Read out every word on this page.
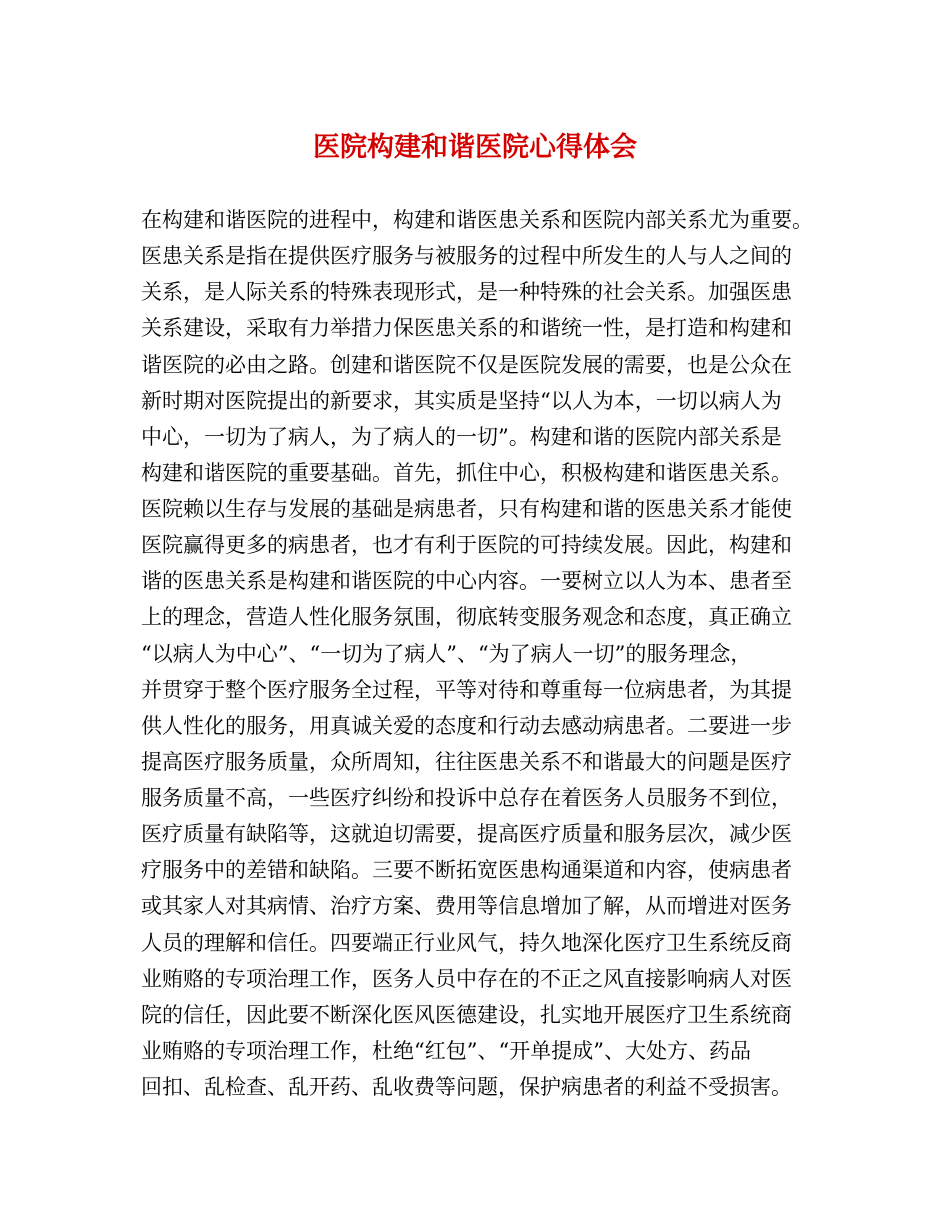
医院构建和谐医院心得体会
在构建和谐医院的进程中，构建和谐医患关系和医院内部关系尤为重要。
医患关系是指在提供医疗服务与被服务的过程中所发生的人与人之间的
关系，是人际关系的特殊表现形式，是一种特殊的社会关系。加强医患
关系建设，采取有力举措力保医患关系的和谐统一性，是打造和构建和
谐医院的必由之路。创建和谐医院不仅是医院发展的需要，也是公众在
新时期对医院提出的新要求，其实质是坚持“以人为本，一切以病人为
中心，一切为了病人，为了病人的一切”。构建和谐的医院内部关系是
构建和谐医院的重要基础。首先，抓住中心，积极构建和谐医患关系。
医院赖以生存与发展的基础是病患者，只有构建和谐的医患关系才能使
医院赢得更多的病患者，也才有利于医院的可持续发展。因此，构建和
谐的医患关系是构建和谐医院的中心内容。一要树立以人为本、患者至
上的理念，营造人性化服务氛围，彻底转变服务观念和态度，真正确立
“以病人为中心”、“一切为了病人”、“为了病人一切”的服务理念，
并贯穿于整个医疗服务全过程，平等对待和尊重每一位病患者，为其提
供人性化的服务，用真诚关爱的态度和行动去感动病患者。二要进一步
提高医疗服务质量，众所周知，往往医患关系不和谐最大的问题是医疗
服务质量不高，一些医疗纠纷和投诉中总存在着医务人员服务不到位，
医疗质量有缺陷等，这就迫切需要，提高医疗质量和服务层次，减少医
疗服务中的差错和缺陷。三要不断拓宽医患构通渠道和内容，使病患者
或其家人对其病情、治疗方案、费用等信息增加了解，从而增进对医务
人员的理解和信任。四要端正行业风气，持久地深化医疗卫生系统反商
业贿赂的专项治理工作，医务人员中存在的不正之风直接影响病人对医
院的信任，因此要不断深化医风医德建设，扎实地开展医疗卫生系统商
业贿赂的专项治理工作，杜绝“红包”、“开单提成”、大处方、药品
回扣、乱检查、乱开药、乱收费等问题，保护病患者的利益不受损害。
